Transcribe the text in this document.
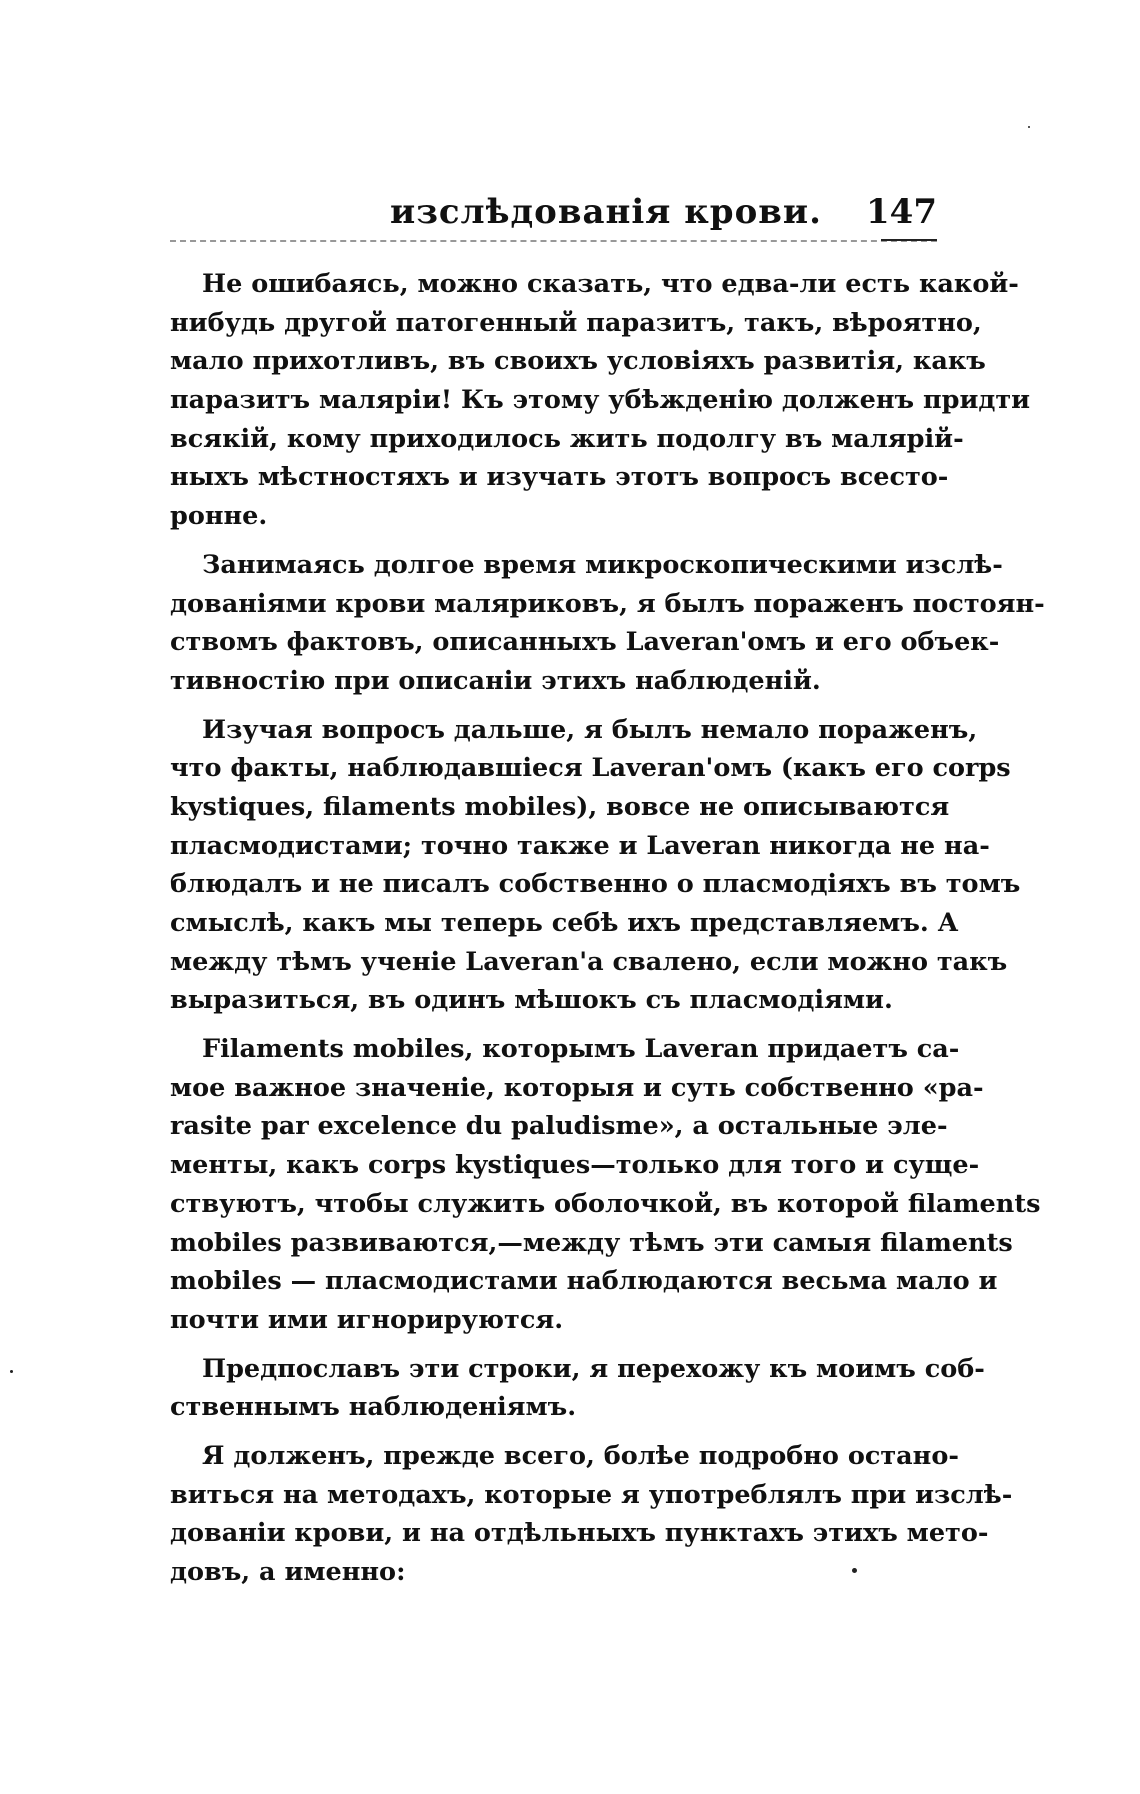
изслѣдованія крови. 147
Не ошибаясь, можно сказать, что едва-ли есть какой-
нибудь другой патогенный паразитъ, такъ, вѣроятно,
мало прихотливъ, въ своихъ условіяхъ развитія, какъ
паразитъ маляріи! Къ этому убѣжденію долженъ придти
всякій, кому приходилось жить подолгу въ малярій-
ныхъ мѣстностяхъ и изучать этотъ вопросъ всесто-
ронне.
Занимаясь долгое время микроскопическими изслѣ-
дованіями крови маляриковъ, я былъ пораженъ постоян-
ствомъ фактовъ, описанныхъ Laveran'омъ и его объек-
тивностію при описаніи этихъ наблюденій.
Изучая вопросъ дальше, я былъ немало пораженъ,
что факты, наблюдавшіеся Laveran'омъ (какъ его corps
kystiques, filaments mobiles), вовсе не описываются
пласмодистами; точно также и Laveran никогда не на-
блюдалъ и не писалъ собственно о пласмодіяхъ въ томъ
смыслѣ, какъ мы теперь себѣ ихъ представляемъ. А
между тѣмъ ученіе Laveran'а свалено, если можно такъ
выразиться, въ одинъ мѣшокъ съ пласмодіями.
Filaments mobiles, которымъ Laveran придаетъ са-
мое важное значеніе, которыя и суть собственно «pa-
rasite par excelence du paludisme», а остальные эле-
менты, какъ corps kystiques—только для того и суще-
ствуютъ, чтобы служить оболочкой, въ которой filaments
mobiles развиваются,—между тѣмъ эти самыя filaments
mobiles — пласмодистами наблюдаются весьма мало и
почти ими игнорируются.
Предпославъ эти строки, я перехожу къ моимъ соб-
ственнымъ наблюденіямъ.
Я долженъ, прежде всего, болѣе подробно остано-
виться на методахъ, которые я употреблялъ при изслѣ-
дованіи крови, и на отдѣльныхъ пунктахъ этихъ мето-
довъ, а именно:
